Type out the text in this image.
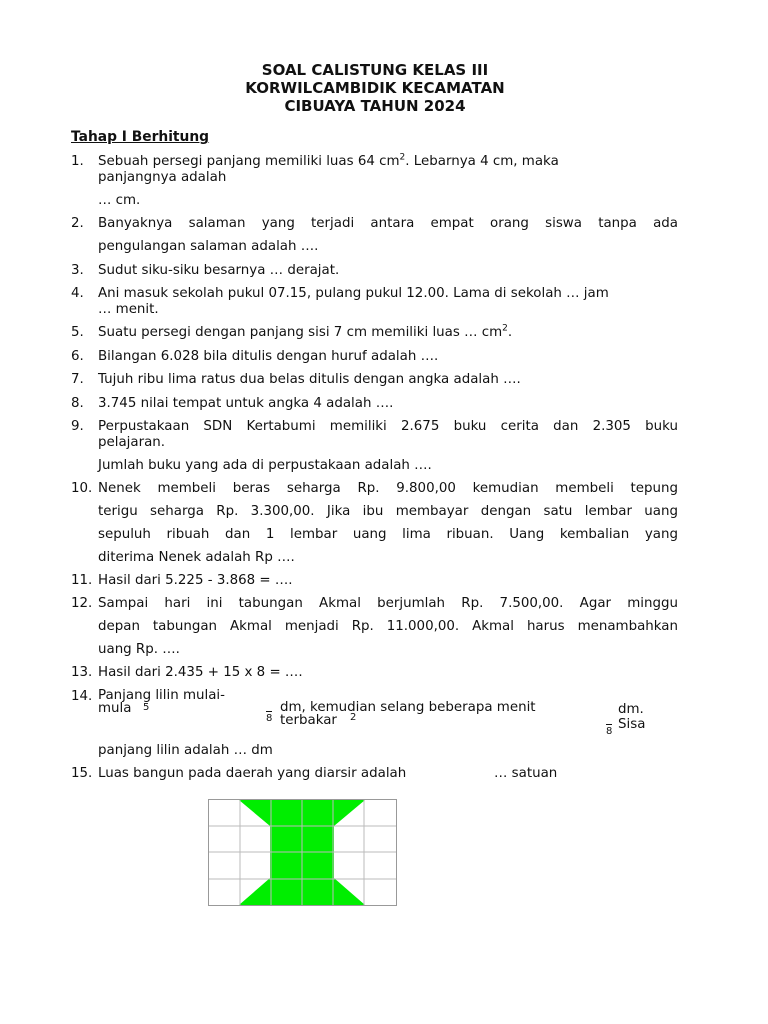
SOAL CALISTUNG KELAS III
KORWILCAMBIDIK KECAMATAN
CIBUAYA TAHUN 2024
Tahap I Berhitung
1. Sebuah persegi panjang memiliki luas 64 $cm^2$. Lebarnya 4 cm, maka
panjangnya adalah
… cm.
2. Banyaknya salaman yang terjadi antara empat orang siswa tanpa ada
pengulangan salaman adalah ….
3. Sudut siku-siku besarnya … derajat.
4. Ani masuk sekolah pukul 07.15, pulang pukul 12.00. Lama di sekolah … jam
… menit.
5. Suatu persegi dengan panjang sisi 7 cm memiliki luas … $cm^2$.
6. Bilangan 6.028 bila ditulis dengan huruf adalah ….
7. Tujuh ribu lima ratus dua belas ditulis dengan angka adalah ….
8. 3.745 nilai tempat untuk angka 4 adalah ….
9. Perpustakaan SDN Kertabumi memiliki 2.675 buku cerita dan 2.305 buku
pelajaran.
Jumlah buku yang ada di perpustakaan adalah ….
10. Nenek membeli beras seharga Rp. 9.800,00 kemudian membeli tepung
terigu seharga Rp. 3.300,00. Jika ibu membayar dengan satu lembar uang
sepuluh ribuah dan 1 lembar uang lima ribuan. Uang kembalian yang
diterima Nenek adalah Rp ….
11. Hasil dari 5.225 - 3.868 = ….
12. Sampai hari ini tabungan Akmal berjumlah Rp. 7.500,00. Agar minggu
depan tabungan Akmal menjadi Rp. 11.000,00. Akmal harus menambahkan
uang Rp. ….
13. Hasil dari 2.435 + 15 x 8 = ….
14. Panjang lilin mulai-
mula	5
8
dm, kemudian selang beberapa menit
terbakar	2
8
dm.
Sisa
panjang lilin adalah … dm
15. Luas bangun pada daerah yang diarsir adalah	… satuan
